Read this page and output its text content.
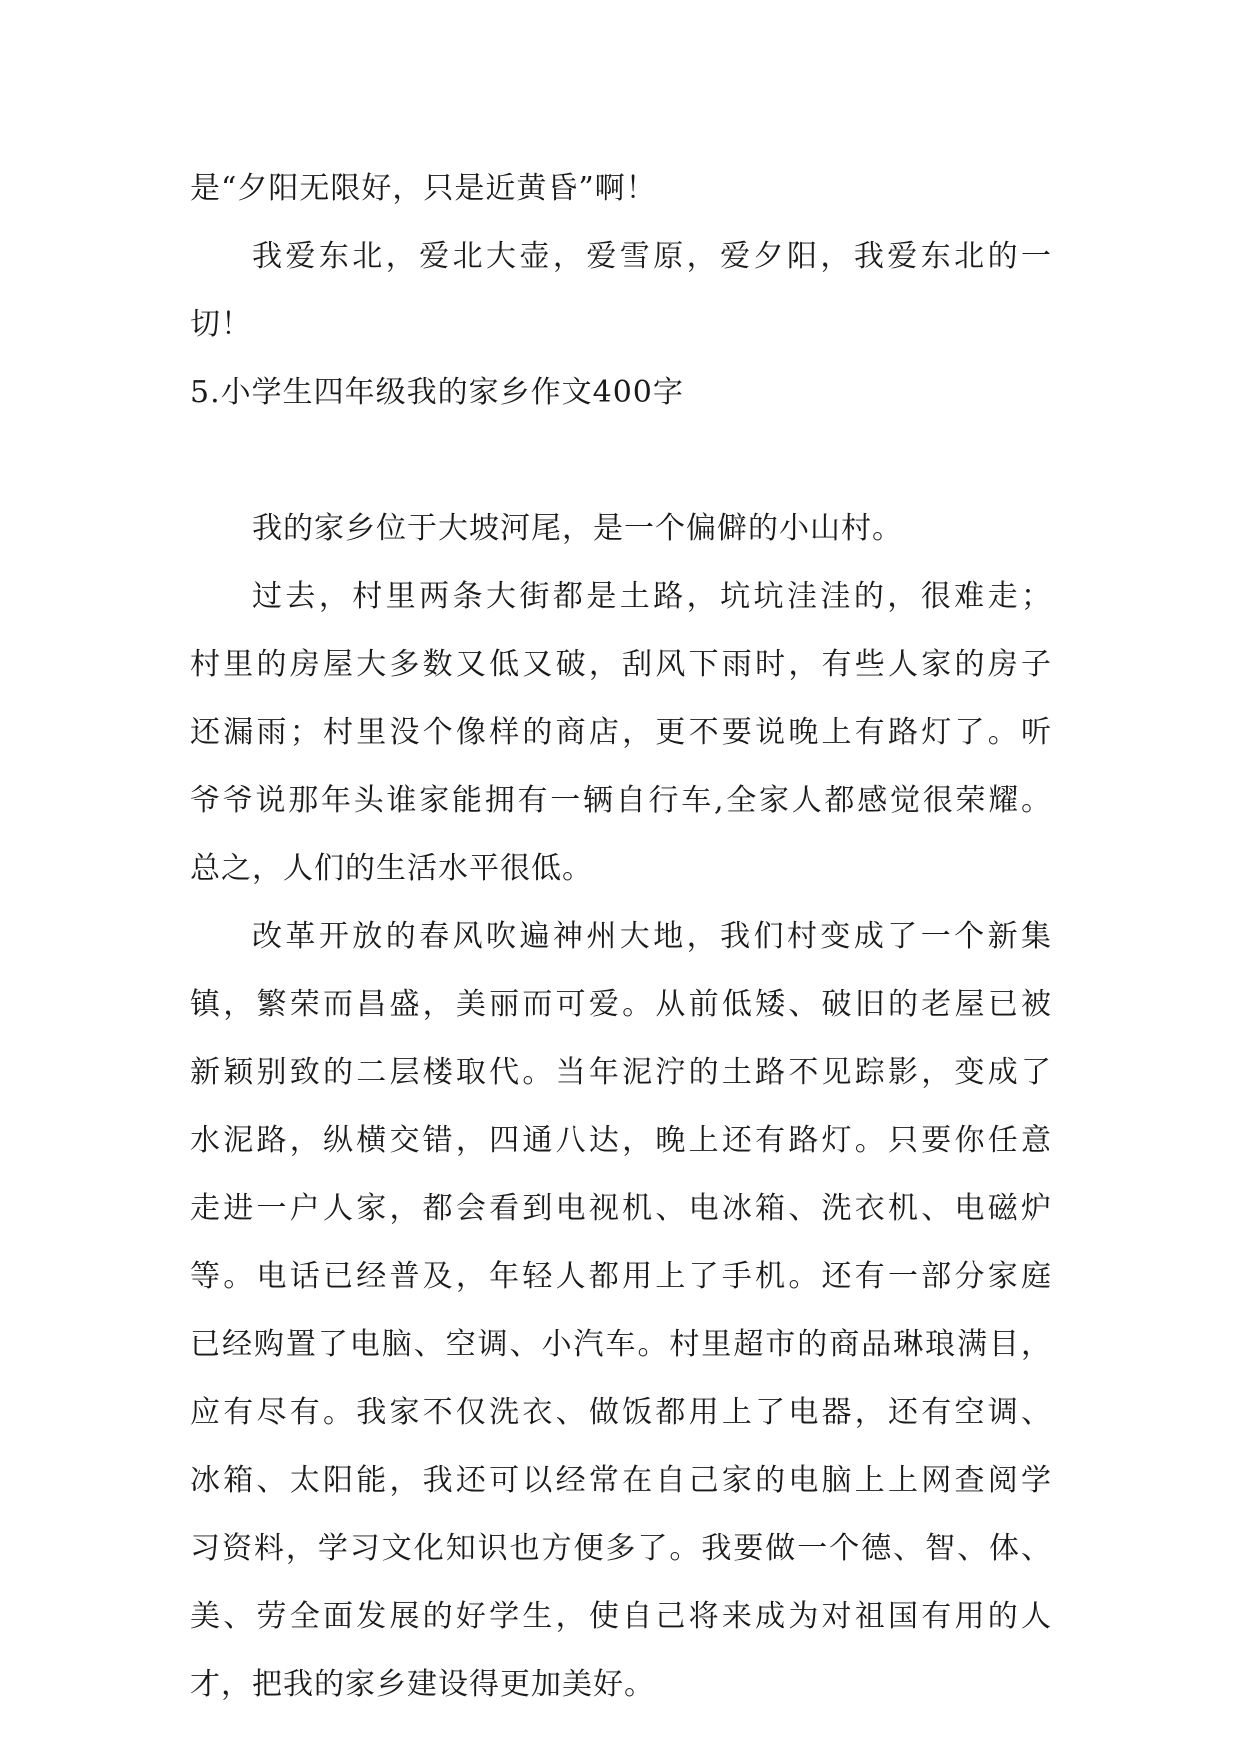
是“夕阳无限好，只是近黄昏”啊！
我爱东北，爱北大壶，爱雪原，爱夕阳，我爱东北的一
切！
5.小学生四年级我的家乡作文400字
我的家乡位于大坡河尾，是一个偏僻的小山村。
过去，村里两条大街都是土路，坑坑洼洼的，很难走；
村里的房屋大多数又低又破，刮风下雨时，有些人家的房子
还漏雨；村里没个像样的商店，更不要说晚上有路灯了。听
爷爷说那年头谁家能拥有一辆自行车,全家人都感觉很荣耀。
总之，人们的生活水平很低。
改革开放的春风吹遍神州大地，我们村变成了一个新集
镇，繁荣而昌盛，美丽而可爱。从前低矮、破旧的老屋已被
新颖别致的二层楼取代。当年泥泞的土路不见踪影，变成了
水泥路，纵横交错，四通八达，晚上还有路灯。只要你任意
走进一户人家，都会看到电视机、电冰箱、洗衣机、电磁炉
等。电话已经普及，年轻人都用上了手机。还有一部分家庭
已经购置了电脑、空调、小汽车。村里超市的商品琳琅满目，
应有尽有。我家不仅洗衣、做饭都用上了电器，还有空调、
冰箱、太阳能，我还可以经常在自己家的电脑上上网查阅学
习资料，学习文化知识也方便多了。我要做一个德、智、体、
美、劳全面发展的好学生，使自己将来成为对祖国有用的人
才，把我的家乡建设得更加美好。
